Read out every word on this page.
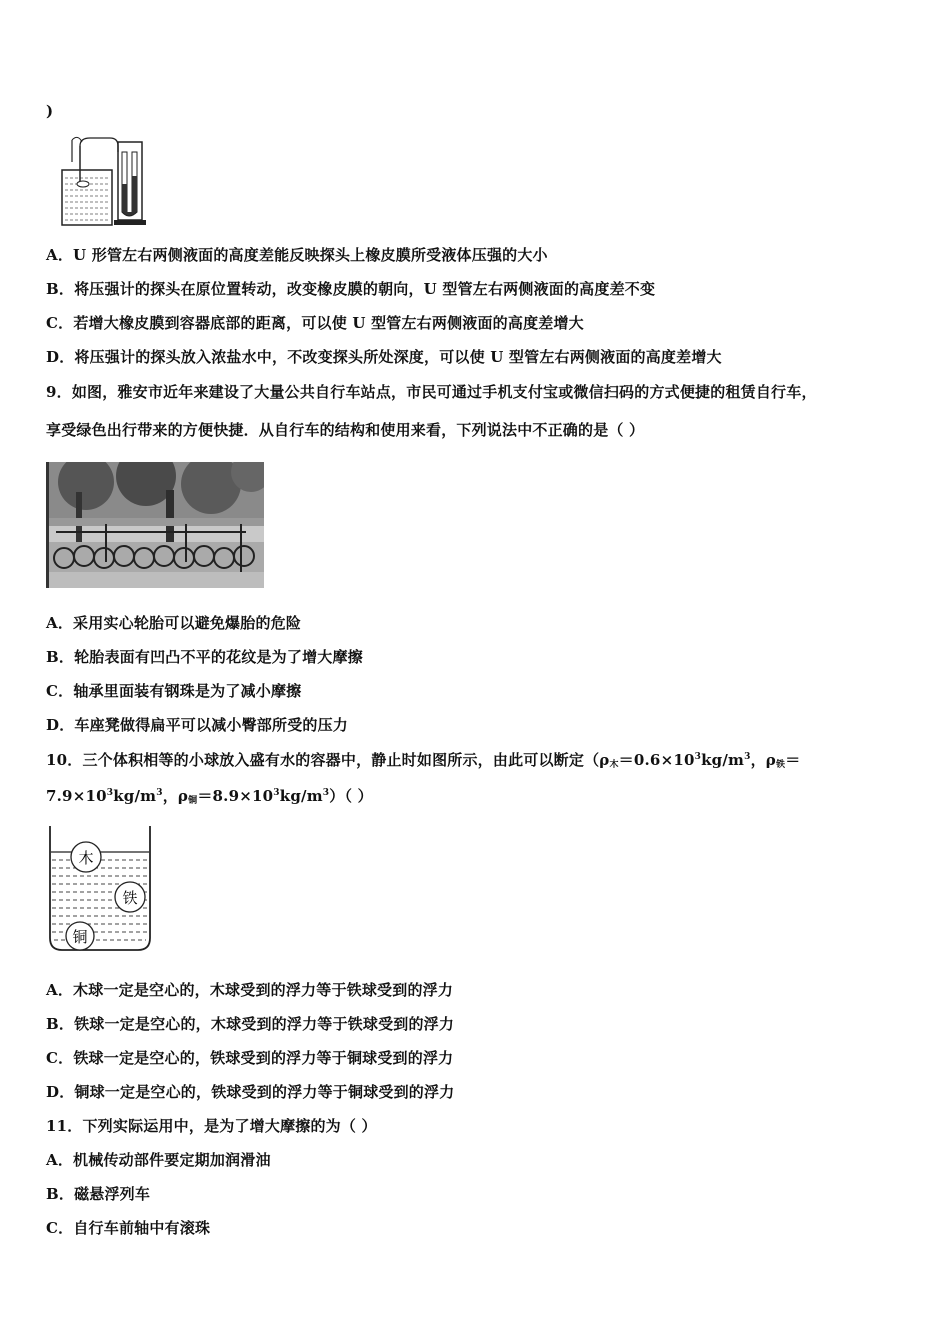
)
A．U 形管左右两侧液面的高度差能反映探头上橡皮膜所受液体压强的大小
B．将压强计的探头在原位置转动，改变橡皮膜的朝向，U 型管左右两侧液面的高度差不变
C．若增大橡皮膜到容器底部的距离，可以使 U 型管左右两侧液面的高度差增大
D．将压强计的探头放入浓盐水中，不改变探头所处深度，可以使 U 型管左右两侧液面的高度差增大
9．如图，雅安市近年来建设了大量公共自行车站点，市民可通过手机支付宝或微信扫码的方式便捷的租赁自行车，
享受绿色出行带来的方便快捷．从自行车的结构和使用来看，下列说法中不正确的是（ ）
A．采用实心轮胎可以避免爆胎的危险
B．轮胎表面有凹凸不平的花纹是为了增大摩擦
C．轴承里面装有钢珠是为了减小摩擦
D．车座凳做得扁平可以减小臀部所受的压力
10．三个体积相等的小球放入盛有水的容器中，静止时如图所示，由此可以断定（$\rho_木=0.6\times 10^3kg/m^3$，$\rho_铁=$
$7.9\times 10^3kg/m^3$，$\rho_铜=8.9\times 10^3kg/m^3$）（ ）
木
铁
铜
A．木球一定是空心的，木球受到的浮力等于铁球受到的浮力
B．铁球一定是空心的，木球受到的浮力等于铁球受到的浮力
C．铁球一定是空心的，铁球受到的浮力等于铜球受到的浮力
D．铜球一定是空心的，铁球受到的浮力等于铜球受到的浮力
11．下列实际运用中，是为了增大摩擦的为（ ）
A．机械传动部件要定期加润滑油
B．磁悬浮列车
C．自行车前轴中有滚珠
